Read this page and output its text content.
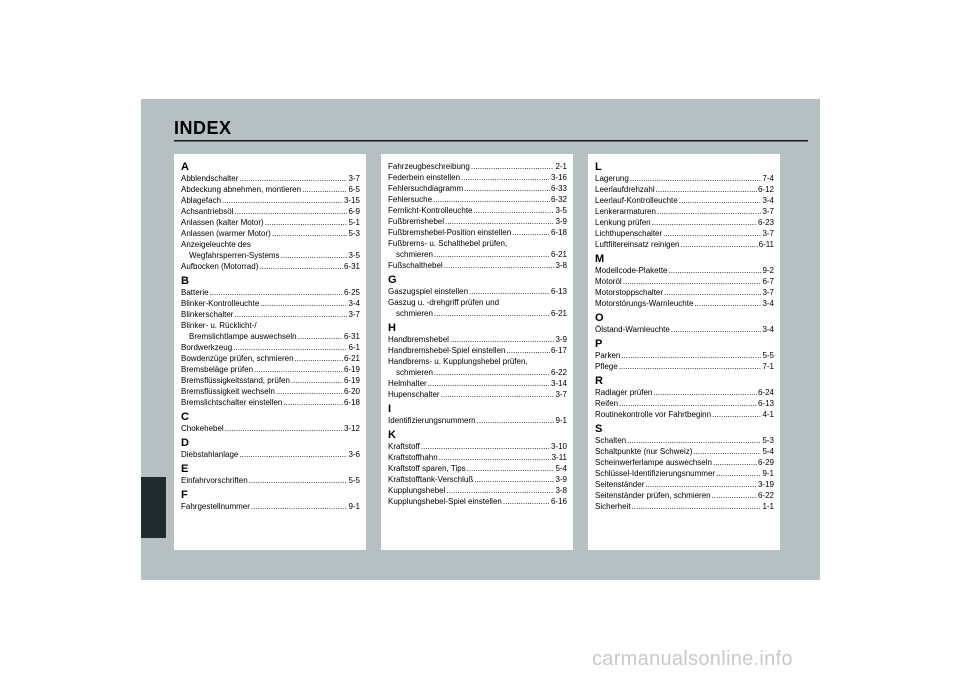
INDEX
A
Abblendschalter .....	3-7
Abdeckung abnehmen, montieren .....	6-5
Ablagefach .....	3-15
Achsantriebsöl .....	6-9
Anlassen (kalter Motor) .....	5-1
Anlassen (warmer Motor) .....	5-3
Anzeigeleuchte des
Wegfahrsperren-Systems .....	3-5
Aufbocken (Motorrad) .....	6-31
B
Batterie .....	6-25
Blinker-Kontrolleuchte .....	3-4
Blinkerschalter .....	3-7
Blinker- u. Rücklicht-/
Bremslichtlampe auswechseln .....	6-31
Bordwerkzeug .....	6-1
Bowdenzüge prüfen, schmieren .....	6-21
Bremsbeläge prüfen .....	6-19
Bremsflüssigkeitsstand, prüfen .....	6-19
Bremsflüssigkeit wechseln .....	6-20
Bremslichtschalter einstellen .....	6-18
C
Chokehebel .....	3-12
D
Diebstahlanlage .....	3-6
E
Einfahrvorschriften .....	5-5
F
Fahrgestellnummer .....	9-1
Fahrzeugbeschreibung .....	2-1
Federbein einstellen .....	3-16
Fehlersuchdiagramm .....	6-33
Fehlersuche .....	6-32
Fernlicht-Kontrolleuchte .....	3-5
Fußbremshebel .....	3-9
Fußbremshebel-Position einstellen .....	6-18
Fußbrems- u. Schalthebel prüfen,
schmieren .....	6-21
Fußschalthebel .....	3-8
G
Gaszugspiel einstellen .....	6-13
Gaszug u. -drehgriff prüfen und
schmieren .....	6-21
H
Handbremshebel .....	3-9
Handbremshebel-Spiel einstellen .....	6-17
Handbrems- u. Kupplungshebel prüfen,
schmieren .....	6-22
Helmhalter .....	3-14
Hupenschalter .....	3-7
I
Identifizierungsnummern .....	9-1
K
Kraftstoff .....	3-10
Kraftstoffhahn .....	3-11
Kraftstoff sparen, Tips .....	5-4
Kraftstofftank-Verschluß .....	3-9
Kupplungshebel .....	3-8
Kupplungshebel-Spiel einstellen .....	6-16
L
Lagerung .....	7-4
Leerlaufdrehzahl .....	6-12
Leerlauf-Kontrolleuchte .....	3-4
Lenkerarmaturen .....	3-7
Lenkung prüfen .....	6-23
Lichthupenschalter .....	3-7
Luftfiltereinsatz reinigen .....	6-11
M
Modellcode-Plakette .....	9-2
Motoröl .....	6-7
Motorstoppschalter .....	3-7
Motorstörungs-Warnleuchte .....	3-4
O
Ölstand-Warnleuchte .....	3-4
P
Parken .....	5-5
Pflege .....	7-1
R
Radlager prüfen .....	6-24
Reifen .....	6-13
Routinekontrolle vor Fahrtbeginn .....	4-1
S
Schalten .....	5-3
Schaltpunkte (nur Schweiz) .....	5-4
Scheinwerferlampe auswechseln .....	6-29
Schlüssel-Identifizierungsnummer .....	9-1
Seitenständer .....	3-19
Seitenständer prüfen, schmieren .....	6-22
Sicherheit .....	1-1
carmanualsonline.info
